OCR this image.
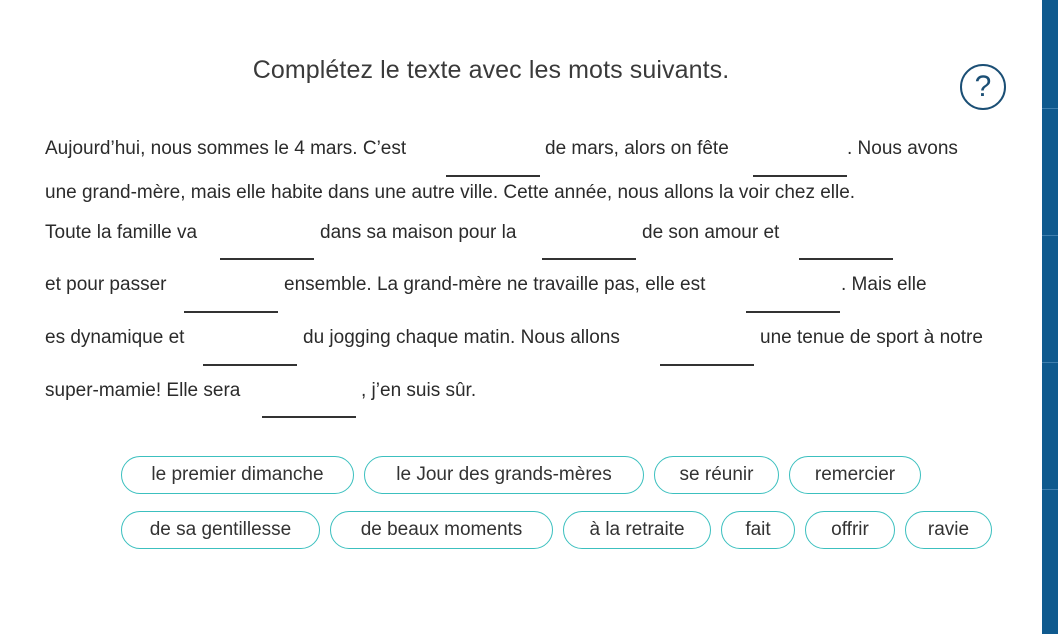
Complétez le texte avec les mots suivants.	?
Aujourd’hui, nous sommes le 4 mars. C’est	de mars, alors on fête	. Nous avons
une grand-mère, mais elle habite dans une autre ville. Cette année, nous allons la voir chez elle.
Toute la famille va	dans sa maison pour la	de son amour et
et pour passer	ensemble. La grand-mère ne travaille pas, elle est	. Mais elle
es dynamique et	du jogging chaque matin. Nous allons	une tenue de sport à notre
super-mamie! Elle sera	, j’en suis sûr.
le premier dimanche	le Jour des grands-mères	se réunir	remercier
de sa gentillesse	de beaux moments	à la retraite	fait	offrir	ravie
